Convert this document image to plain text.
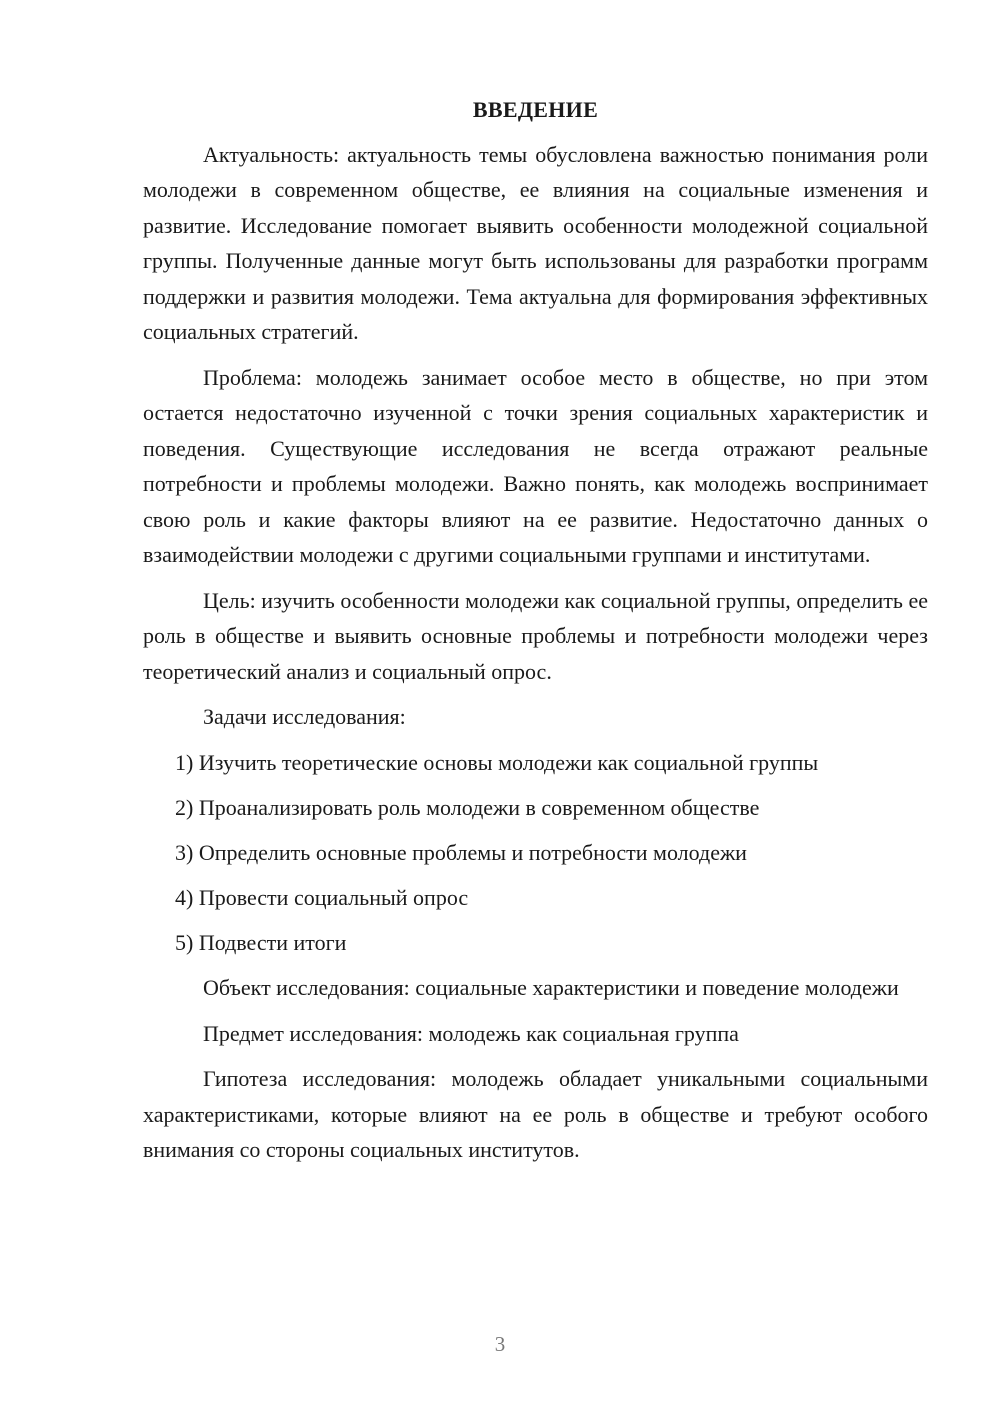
ВВЕДЕНИЕ

Актуальность: актуальность темы обусловлена важностью понимания роли молодежи в современном обществе, ее влияния на социальные изменения и развитие. Исследование помогает выявить особенности молодежной социальной группы. Полученные данные могут быть использованы для разработки программ поддержки и развития молодежи. Тема актуальна для формирования эффективных социальных стратегий.

Проблема: молодежь занимает особое место в обществе, но при этом остается недостаточно изученной с точки зрения социальных характеристик и поведения. Существующие исследования не всегда отражают реальные потребности и проблемы молодежи. Важно понять, как молодежь воспринимает свою роль и какие факторы влияют на ее развитие. Недостаточно данных о взаимодействии молодежи с другими социальными группами и институтами.

Цель: изучить особенности молодежи как социальной группы, определить ее роль в обществе и выявить основные проблемы и потребности молодежи через теоретический анализ и социальный опрос.

Задачи исследования:

1) Изучить теоретические основы молодежи как социальной группы
2) Проанализировать роль молодежи в современном обществе
3) Определить основные проблемы и потребности молодежи
4) Провести социальный опрос
5) Подвести итоги

Объект исследования: социальные характеристики и поведение молодежи

Предмет исследования: молодежь как социальная группа

Гипотеза исследования: молодежь обладает уникальными социальными характеристиками, которые влияют на ее роль в обществе и требуют особого внимания со стороны социальных институтов.

3
